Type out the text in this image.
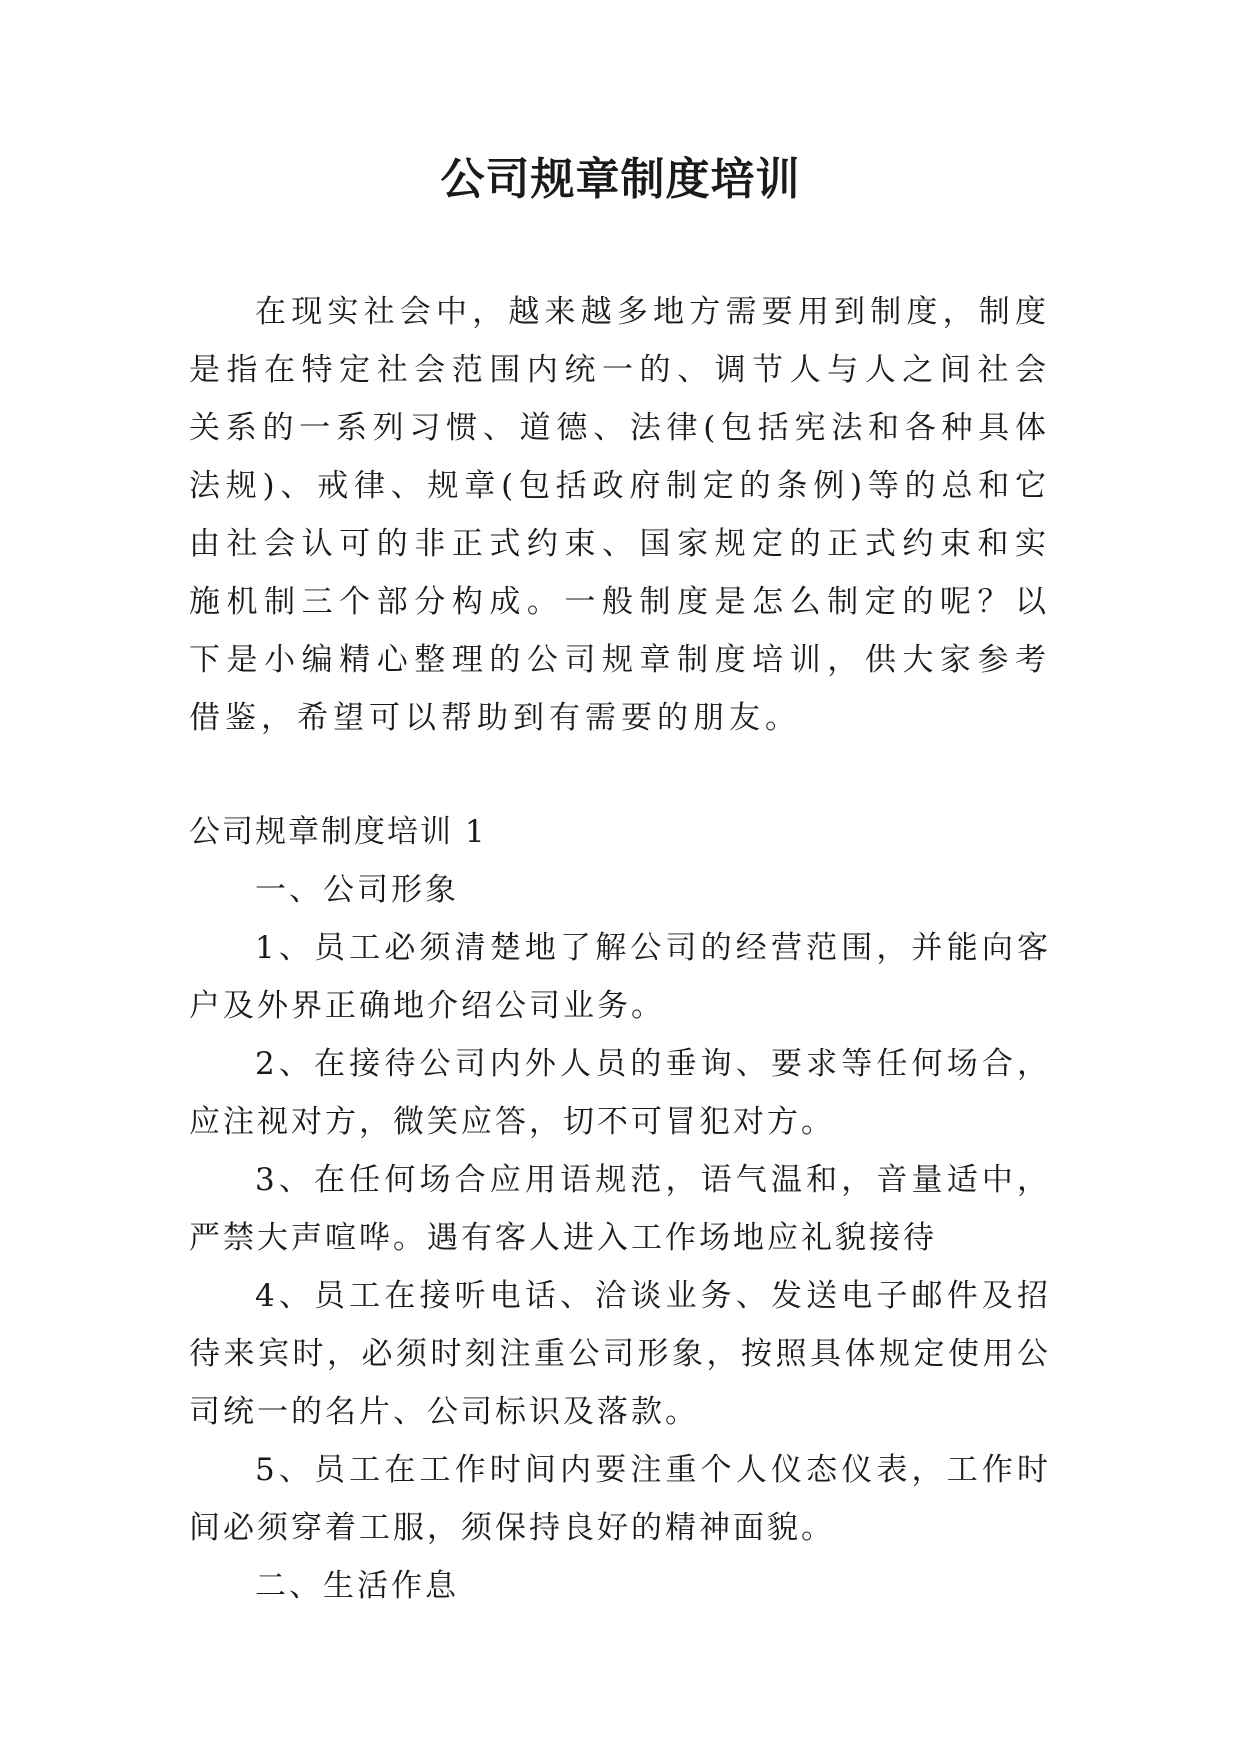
公司规章制度培训

在现实社会中，越来越多地方需要用到制度，制度是指在特定社会范围内统一的、调节人与人之间社会关系的一系列习惯、道德、法律(包括宪法和各种具体法规)、戒律、规章(包括政府制定的条例)等的总和它由社会认可的非正式约束、国家规定的正式约束和实施机制三个部分构成。一般制度是怎么制定的呢？以下是小编精心整理的公司规章制度培训，供大家参考借鉴，希望可以帮助到有需要的朋友。

公司规章制度培训 1

一、公司形象

1、员工必须清楚地了解公司的经营范围，并能向客户及外界正确地介绍公司业务。

2、在接待公司内外人员的垂询、要求等任何场合，应注视对方，微笑应答，切不可冒犯对方。

3、在任何场合应用语规范，语气温和，音量适中，严禁大声喧哗。遇有客人进入工作场地应礼貌接待

4、员工在接听电话、洽谈业务、发送电子邮件及招待来宾时，必须时刻注重公司形象，按照具体规定使用公司统一的名片、公司标识及落款。

5、员工在工作时间内要注重个人仪态仪表，工作时间必须穿着工服，须保持良好的精神面貌。

二、生活作息
